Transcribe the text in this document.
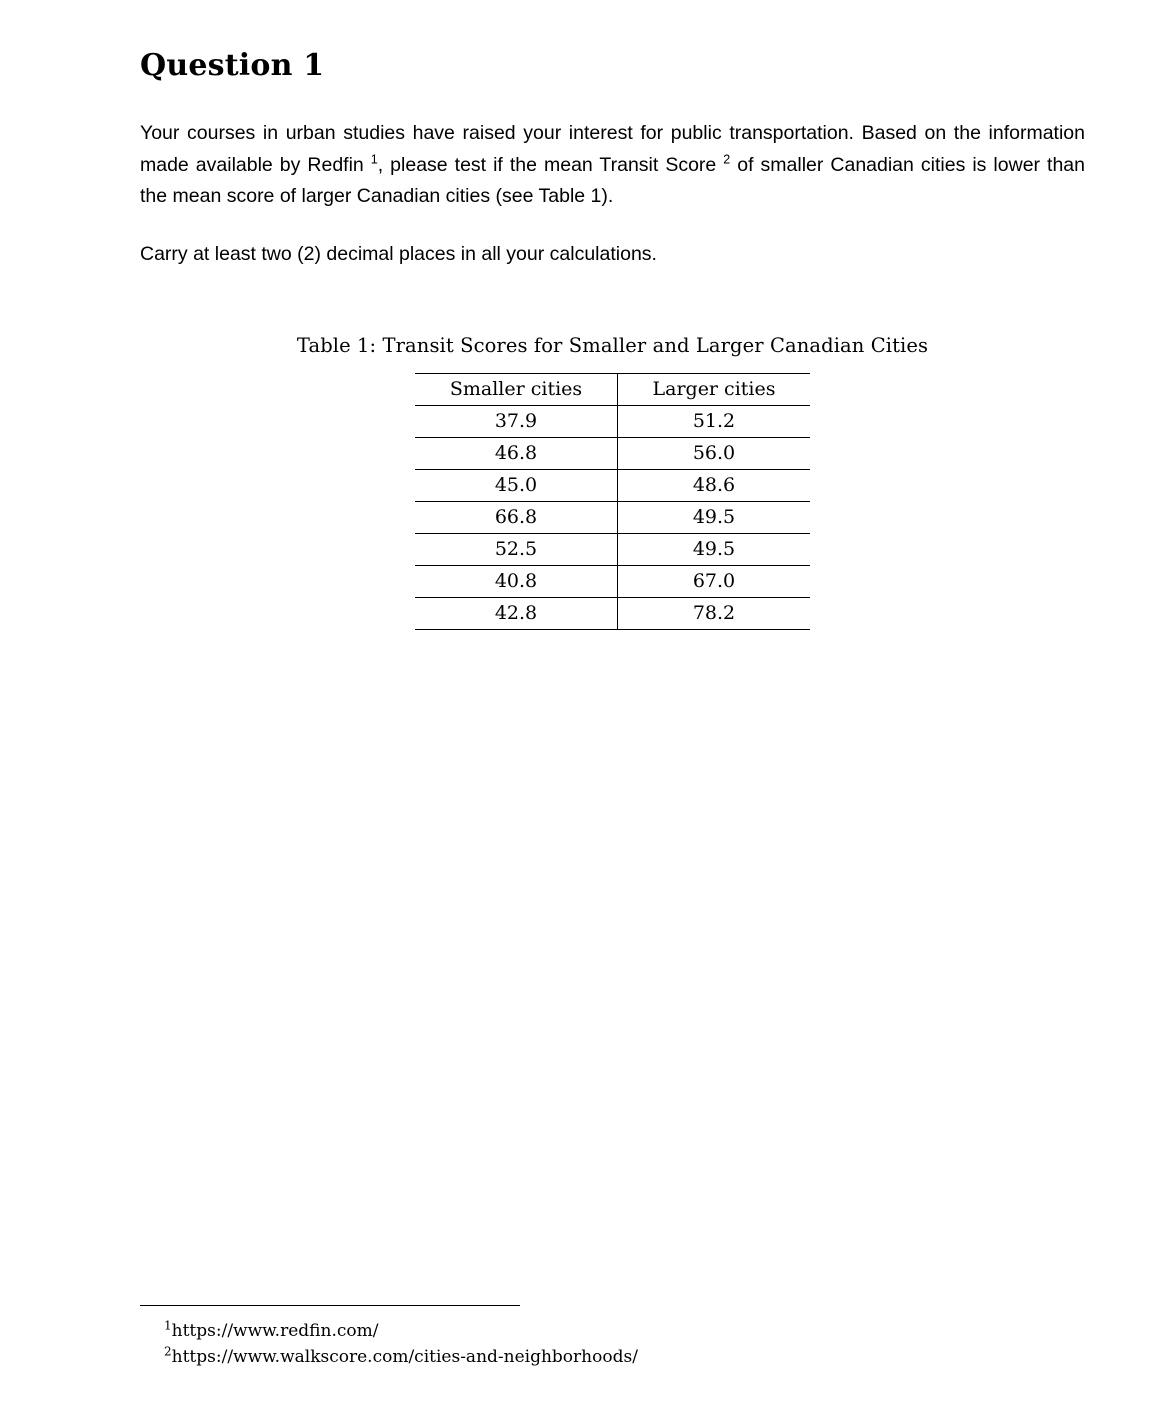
Question 1

Your courses in urban studies have raised your interest for public transportation. Based on the information made available by Redfin $^1$, please test if the mean Transit Score $^2$ of smaller Canadian cities is lower than the mean score of larger Canadian cities (see Table 1).

Carry at least two (2) decimal places in all your calculations.

Table 1: Transit Scores for Smaller and Larger Canadian Cities
Smaller cities	Larger cities
37.9	51.2
46.8	56.0
45.0	48.6
66.8	49.5
52.5	49.5
40.8	67.0
42.8	78.2
$^1$https://www.redfin.com/
$^2$https://www.walkscore.com/cities-and-neighborhoods/
